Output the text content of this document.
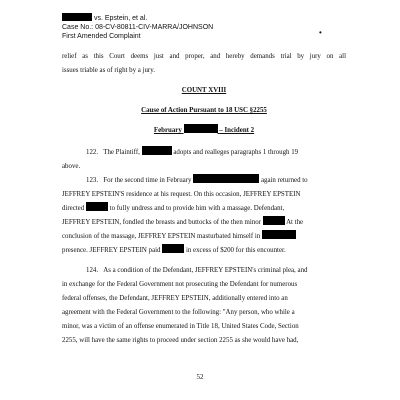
vs. Epstein, et al.
Case No.: 08-CV-80811-CIV-MARRA/JOHNSON
First Amended Complaint	•
relief as this Court deems just and proper, and hereby demands trial by jury on all
issues triable as of right by a jury.
COUNT XVIII
Cause of Action Pursuant to 18 USC §2255
February	– Incident 2
122. The Plaintiff,	adopts and realleges paragraphs 1 through 19
above.
123. For the second time in February	again returned to
JEFFREY EPSTEIN'S residence at his request. On this occasion, JEFFREY EPSTEIN
directed	to fully undress and to provide him with a massage. Defendant,
JEFFREY EPSTEIN, fondled the breasts and buttocks of the then minor	At the
conclusion of the massage, JEFFREY EPSTEIN masturbated himself in
presence. JEFFREY EPSTEIN paid	in excess of $200 for this encounter.
124. As a condition of the Defendant, JEFFREY EPSTEIN's criminal plea, and
in exchange for the Federal Government not prosecuting the Defendant for numerous
federal offenses, the Defendant, JEFFREY EPSTEIN, additionally entered into an
agreement with the Federal Government to the following: "Any person, who while a
minor, was a victim of an offense enumerated in Title 18, United States Code, Section
2255, will have the same rights to proceed under section 2255 as she would have had,
52
